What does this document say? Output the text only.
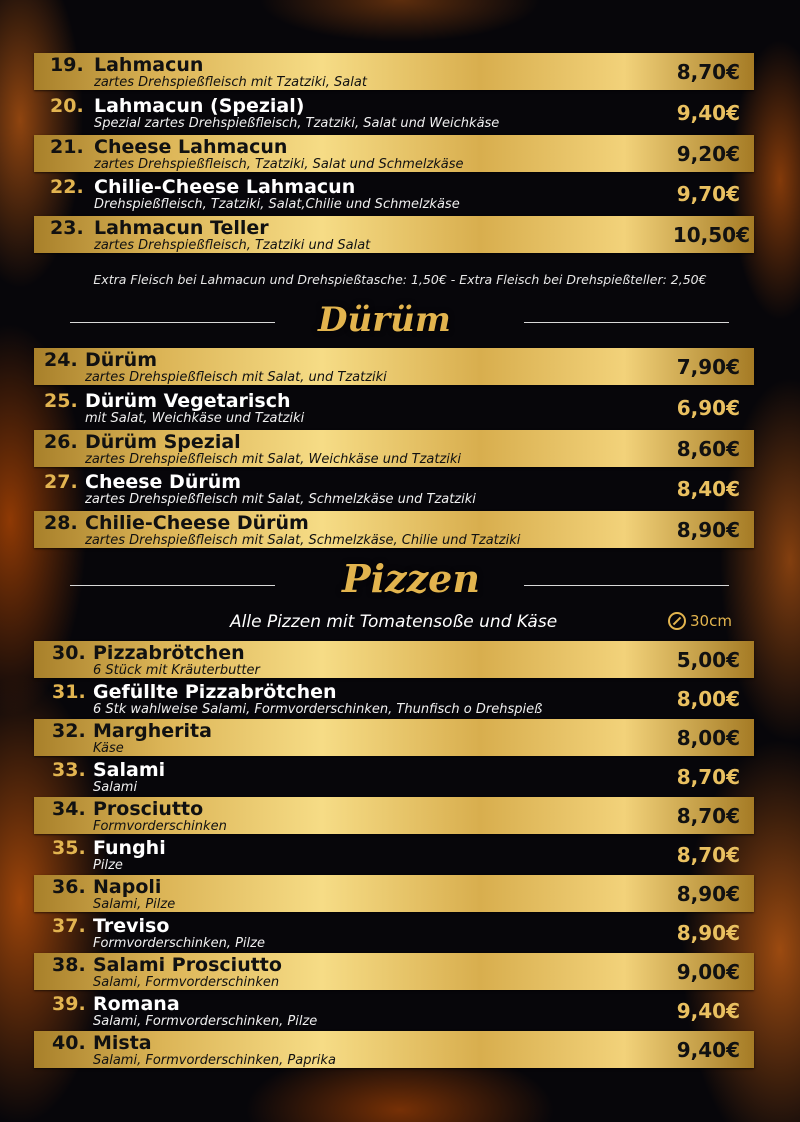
19. Lahmacun
zartes Drehspießfleisch mit Tzatziki, Salat	8,70€
20. Lahmacun (Spezial)
Spezial zartes Drehspießfleisch, Tzatziki, Salat und Weichkäse	9,40€
21. Cheese Lahmacun
zartes Drehspießfleisch, Tzatziki, Salat und Schmelzkäse	9,20€
22. Chilie-Cheese Lahmacun
Drehspießfleisch, Tzatziki, Salat,Chilie und Schmelzkäse	9,70€
23. Lahmacun Teller
zartes Drehspießfleisch, Tzatziki und Salat	10,50€
Extra Fleisch bei Lahmacun und Drehspießtasche: 1,50€ - Extra Fleisch bei Drehspießteller: 2,50€
Dürüm
24. Dürüm
zartes Drehspießfleisch mit Salat, und Tzatziki	7,90€
25. Dürüm Vegetarisch
mit Salat, Weichkäse und Tzatziki	6,90€
26. Dürüm Spezial
zartes Drehspießfleisch mit Salat, Weichkäse und Tzatziki	8,60€
27. Cheese Dürüm
zartes Drehspießfleisch mit Salat, Schmelzkäse und Tzatziki	8,40€
28. Chilie-Cheese Dürüm
zartes Drehspießfleisch mit Salat, Schmelzkäse, Chilie und Tzatziki	8,90€
Pizzen
Alle Pizzen mit Tomatensoße und Käse	30cm
30. Pizzabrötchen
6 Stück mit Kräuterbutter	5,00€
31. Gefüllte Pizzabrötchen
6 Stk wahlweise Salami, Formvorderschinken, Thunfisch o Drehspieß	8,00€
32. Margherita
Käse	8,00€
33. Salami
Salami	8,70€
34. Prosciutto
Formvorderschinken	8,70€
35. Funghi
Pilze	8,70€
36. Napoli
Salami, Pilze	8,90€
37. Treviso
Formvorderschinken, Pilze	8,90€
38. Salami Prosciutto
Salami, Formvorderschinken	9,00€
39. Romana
Salami, Formvorderschinken, Pilze	9,40€
40. Mista
Salami, Formvorderschinken, Paprika	9,40€
